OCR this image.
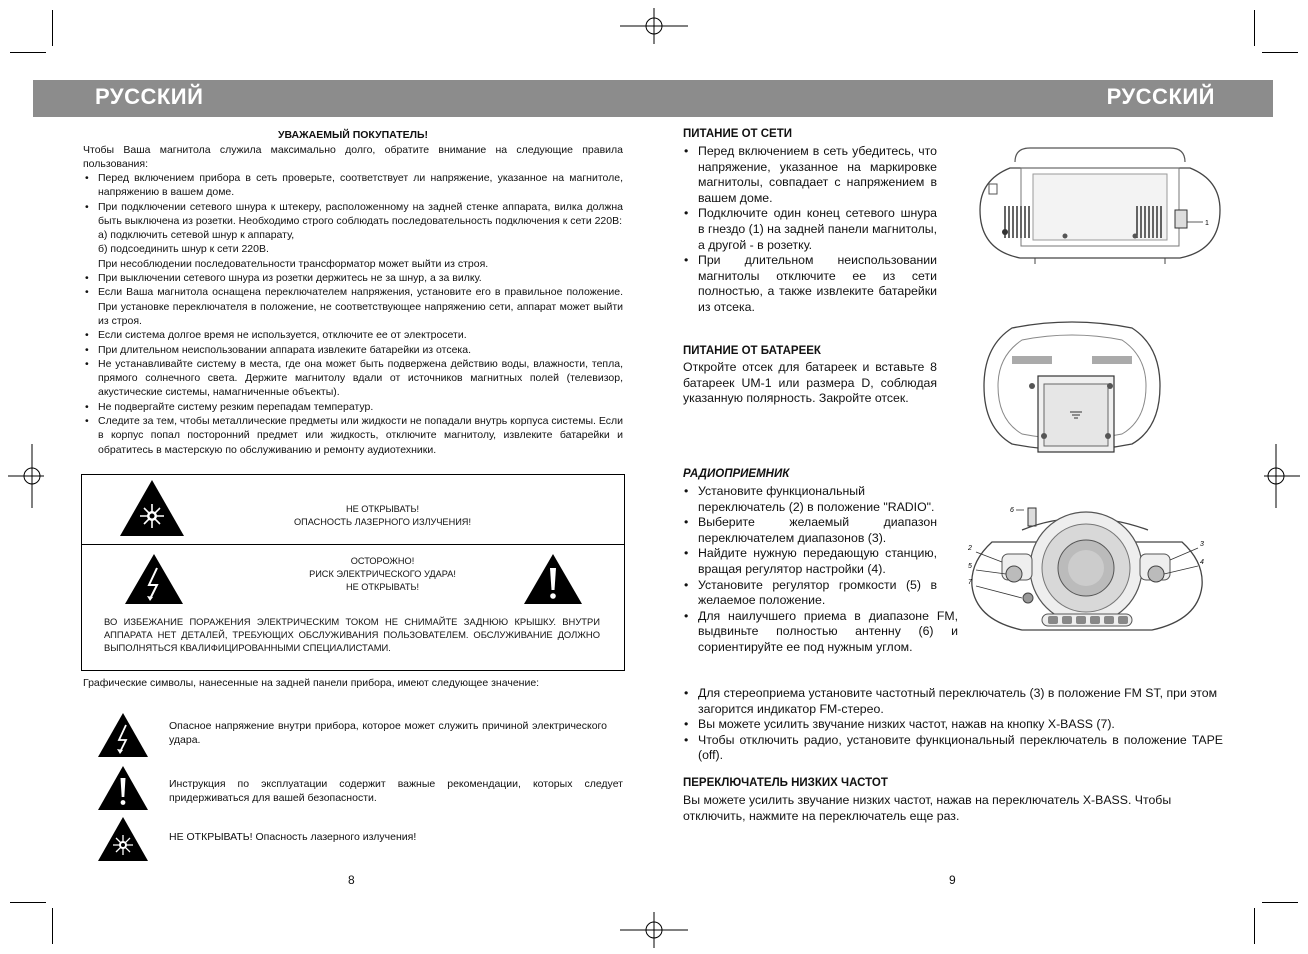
РУССКИЙ	РУССКИЙ
УВАЖАЕМЫЙ ПОКУПАТЕЛЬ!
Чтобы Ваша магнитола служила максимально долго, обратите внимание на следующие правила пользования:
• Перед включением прибора в сеть проверьте, соответствует ли напряжение, указанное на магнитоле, напряжению в вашем доме.
• При подключении сетевого шнура к штекеру, расположенному на задней стенке аппарата, вилка должна быть выключена из розетки. Необходимо строго соблюдать последовательность подключения к сети 220В:
а) подключить сетевой шнур к аппарату,
б) подсоединить шнур к сети 220В.
При несоблюдении последовательности трансформатор может выйти из строя.
• При выключении сетевого шнура из розетки держитесь не за шнур, а за вилку.
• Если Ваша магнитола оснащена переключателем напряжения, установите его в правильное положение. При установке переключателя в положение, не соответствующее напряжению сети, аппарат может выйти из строя.
• Если система долгое время не используется, отключите ее от электросети.
• При длительном неиспользовании аппарата извлеките батарейки из отсека.
• Не устанавливайте систему в места, где она может быть подвержена действию воды, влажности, тепла, прямого солнечного света. Держите магнитолу вдали от источников магнитных полей (телевизор, акустические системы, намагниченные объекты).
• Не подвергайте систему резким перепадам температур.
• Следите за тем, чтобы металлические предметы или жидкости не попадали внутрь корпуса системы. Если в корпус попал посторонний предмет или жидкость, отключите магнитолу, извлеките батарейки и обратитесь в мастерскую по обслуживанию и ремонту аудиотехники.
НЕ ОТКРЫВАТЬ!
ОПАСНОСТЬ ЛАЗЕРНОГО ИЗЛУЧЕНИЯ!
ОСТОРОЖНО!
РИСК ЭЛЕКТРИЧЕСКОГО УДАРА!
НЕ ОТКРЫВАТЬ!
ВО ИЗБЕЖАНИЕ ПОРАЖЕНИЯ ЭЛЕКТРИЧЕСКИМ ТОКОМ НЕ СНИМАЙТЕ ЗАДНЮЮ КРЫШКУ. ВНУТРИ АППАРАТА НЕТ ДЕТАЛЕЙ, ТРЕБУЮЩИХ ОБСЛУЖИВАНИЯ ПОЛЬЗОВАТЕЛЕМ. ОБСЛУЖИВАНИЕ ДОЛЖНО ВЫПОЛНЯТЬСЯ КВАЛИФИЦИРОВАННЫМИ СПЕЦИАЛИСТАМИ.
Графические символы, нанесенные на задней панели прибора, имеют следующее значение:
Опасное напряжение внутри прибора, которое может служить причиной электрического удара.
Инструкция по эксплуатации содержит важные рекомендации, которых следует придерживаться для вашей безопасности.
НЕ ОТКРЫВАТЬ! Опасность лазерного излучения!
8
ПИТАНИЕ ОТ СЕТИ
• Перед включением в сеть убедитесь, что напряжение, указанное на маркировке магнитолы, совпадает с напряжением в вашем доме.
• Подключите один конец сетевого шнура в гнездо (1) на задней панели магнитолы, а другой - в розетку.
• При длительном неиспользовании магнитолы отключите ее из сети полностью, а также извлеките батарейки из отсека.
1
ПИТАНИЕ ОТ БАТАРЕЕК
Откройте отсек для батареек и вставьте 8 батареек UM-1 или размера D, соблюдая указанную полярность. Закройте отсек.
РАДИОПРИЕМНИК
• Установите функциональный переключатель (2) в положение "RADIO".
• Выберите желаемый диапазон переключателем диапазонов (3).
• Найдите нужную передающую станцию, вращая регулятор настройки (4).
• Установите регулятор громкости (5) в желаемое положение.
• Для наилучшего приема в диапазоне FM, выдвиньте полностью антенну (6) и сориентируйте ее под нужным углом.
• Для стереоприема установите частотный переключатель (3) в положение FM ST, при этом загорится индикатор FM-стерео.
• Вы можете усилить звучание низких частот, нажав на кнопку X-BASS (7).
• Чтобы отключить радио, установите функциональный переключатель в положение TAPE (off).
6
2
5
7
3
4
ПЕРЕКЛЮЧАТЕЛЬ НИЗКИХ ЧАСТОТ
Вы можете усилить звучание низких частот, нажав на переключатель X-BASS. Чтобы отключить, нажмите на переключатель еще раз.
9
